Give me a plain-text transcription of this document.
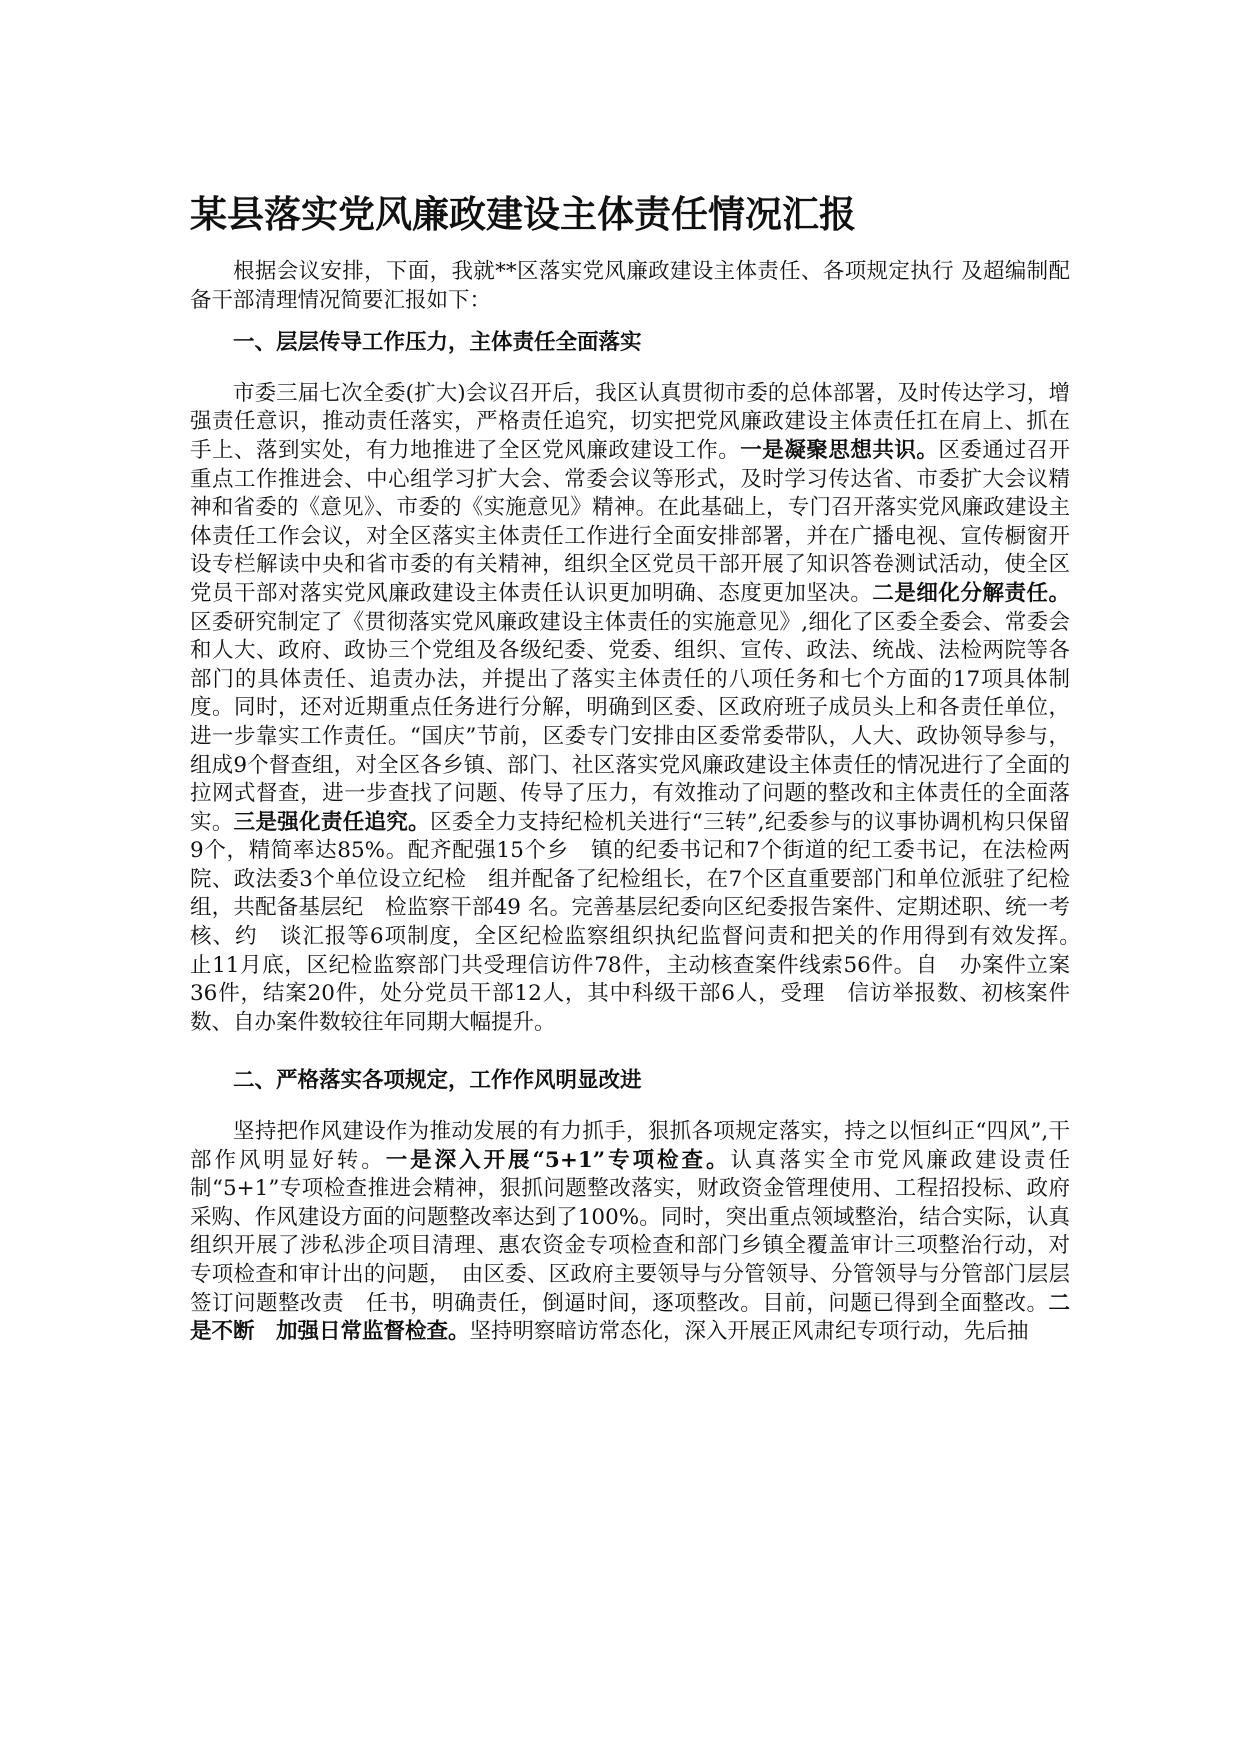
某县落实党风廉政建设主体责任情况汇报

根据会议安排，下面，我就**区落实党风廉政建设主体责任、各项规定执行 及超编制配备干部清理情况简要汇报如下：

一、层层传导工作压力，主体责任全面落实

市委三届七次全委(扩大)会议召开后，我区认真贯彻市委的总体部署，及时传达学习，增强责任意识，推动责任落实，严格责任追究，切实把党风廉政建设主体责任扛在肩上、抓在手上、落到实处，有力地推进了全区党风廉政建设工作。一是凝聚思想共识。区委通过召开重点工作推进会、中心组学习扩大会、常委会议等形式，及时学习传达省、市委扩大会议精神和省委的《意见》、市委的《实施意见》精神。在此基础上，专门召开落实党风廉政建设主体责任工作会议，对全区落实主体责任工作进行全面安排部署，并在广播电视、宣传橱窗开设专栏解读中央和省市委的有关精神，组织全区党员干部开展了知识答卷测试活动，使全区党员干部对落实党风廉政建设主体责任认识更加明确、态度更加坚决。二是细化分解责任。区委研究制定了《贯彻落实党风廉政建设主体责任的实施意见》,细化了区委全委会、常委会和人大、政府、政协三个党组及各级纪委、党委、组织、宣传、政法、统战、法检两院等各部门的具体责任、追责办法，并提出了落实主体责任的八项任务和七个方面的17项具体制度。同时，还对近期重点任务进行分解，明确到区委、区政府班子成员头上和各责任单位，进一步靠实工作责任。“国庆”节前，区委专门安排由区委常委带队，人大、政协领导参与，组成9个督查组，对全区各乡镇、部门、社区落实党风廉政建设主体责任的情况进行了全面的拉网式督查，进一步查找了问题、传导了压力，有效推动了问题的整改和主体责任的全面落实。三是强化责任追究。区委全力支持纪检机关进行“三转”,纪委参与的议事协调机构只保留9个，精简率达85%。配齐配强15个乡　镇的纪委书记和7个街道的纪工委书记，在法检两院、政法委3个单位设立纪检　组并配备了纪检组长，在7个区直重要部门和单位派驻了纪检组，共配备基层纪　检监察干部49 名。完善基层纪委向区纪委报告案件、定期述职、统一考核、约　谈汇报等6项制度，全区纪检监察组织执纪监督问责和把关的作用得到有效发挥。　止11月底，区纪检监察部门共受理信访件78件，主动核查案件线索56件。自　办案件立案36件，结案20件，处分党员干部12人，其中科级干部6人，受理　信访举报数、初核案件数、自办案件数较往年同期大幅提升。

二、严格落实各项规定，工作作风明显改进

坚持把作风建设作为推动发展的有力抓手，狠抓各项规定落实，持之以恒纠正“四风”,干部作风明显好转。一是深入开展“5+1”专项检查。认真落实全市党风廉政建设责任制“5+1”专项检查推进会精神，狠抓问题整改落实，财政资金管理使用、工程招投标、政府采购、作风建设方面的问题整改率达到了100%。同时，突出重点领域整治，结合实际，认真组织开展了涉私涉企项目清理、惠农资金专项检查和部门乡镇全覆盖审计三项整治行动，对专项检查和审计出的问题，　由区委、区政府主要领导与分管领导、分管领导与分管部门层层签订问题整改责　任书，明确责任，倒逼时间，逐项整改。目前，问题已得到全面整改。二是不断　加强日常监督检查。坚持明察暗访常态化，深入开展正风肃纪专项行动，先后抽
